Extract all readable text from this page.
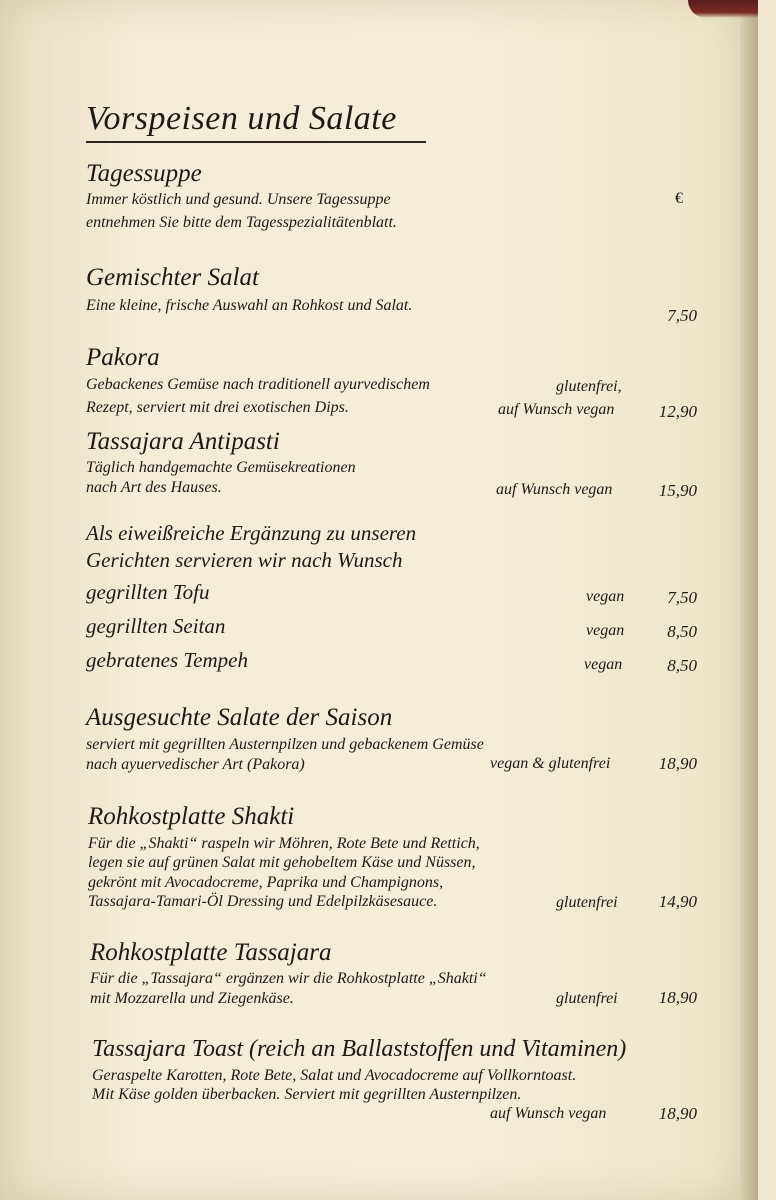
Vorspeisen und Salate
Tagessuppe
Immer köstlich und gesund. Unsere Tagessuppe
entnehmen Sie bitte dem Tagesspezialitätenblatt.
€
Gemischter Salat
Eine kleine, frische Auswahl an Rohkost und Salat.
7,50
Pakora
Gebackenes Gemüse nach traditionell ayurvedischem
Rezept, serviert mit drei exotischen Dips.
glutenfrei,
auf Wunsch vegan	12,90
Tassajara Antipasti
Täglich handgemachte Gemüsekreationen
nach Art des Hauses.	auf Wunsch vegan	15,90
Als eiweißreiche Ergänzung zu unseren
Gerichten servieren wir nach Wunsch
gegrillten Tofu	vegan	7,50
gegrillten Seitan	vegan	8,50
gebratenes Tempeh	vegan	8,50
Ausgesuchte Salate der Saison
serviert mit gegrillten Austernpilzen und gebackenem Gemüse
nach ayuervedischer Art (Pakora)	vegan & glutenfrei	18,90
Rohkostplatte Shakti
Für die „Shakti“ raspeln wir Möhren, Rote Bete und Rettich,
legen sie auf grünen Salat mit gehobeltem Käse und Nüssen,
gekrönt mit Avocadocreme, Paprika und Champignons,
Tassajara-Tamari-Öl Dressing und Edelpilzkäsesauce.	glutenfrei	14,90
Rohkostplatte Tassajara
Für die „Tassajara“ ergänzen wir die Rohkostplatte „Shakti“
mit Mozzarella und Ziegenkäse.	glutenfrei	18,90
Tassajara Toast (reich an Ballaststoffen und Vitaminen)
Geraspelte Karotten, Rote Bete, Salat und Avocadocreme auf Vollkorntoast.
Mit Käse golden überbacken. Serviert mit gegrillten Austernpilzen.
auf Wunsch vegan	18,90
